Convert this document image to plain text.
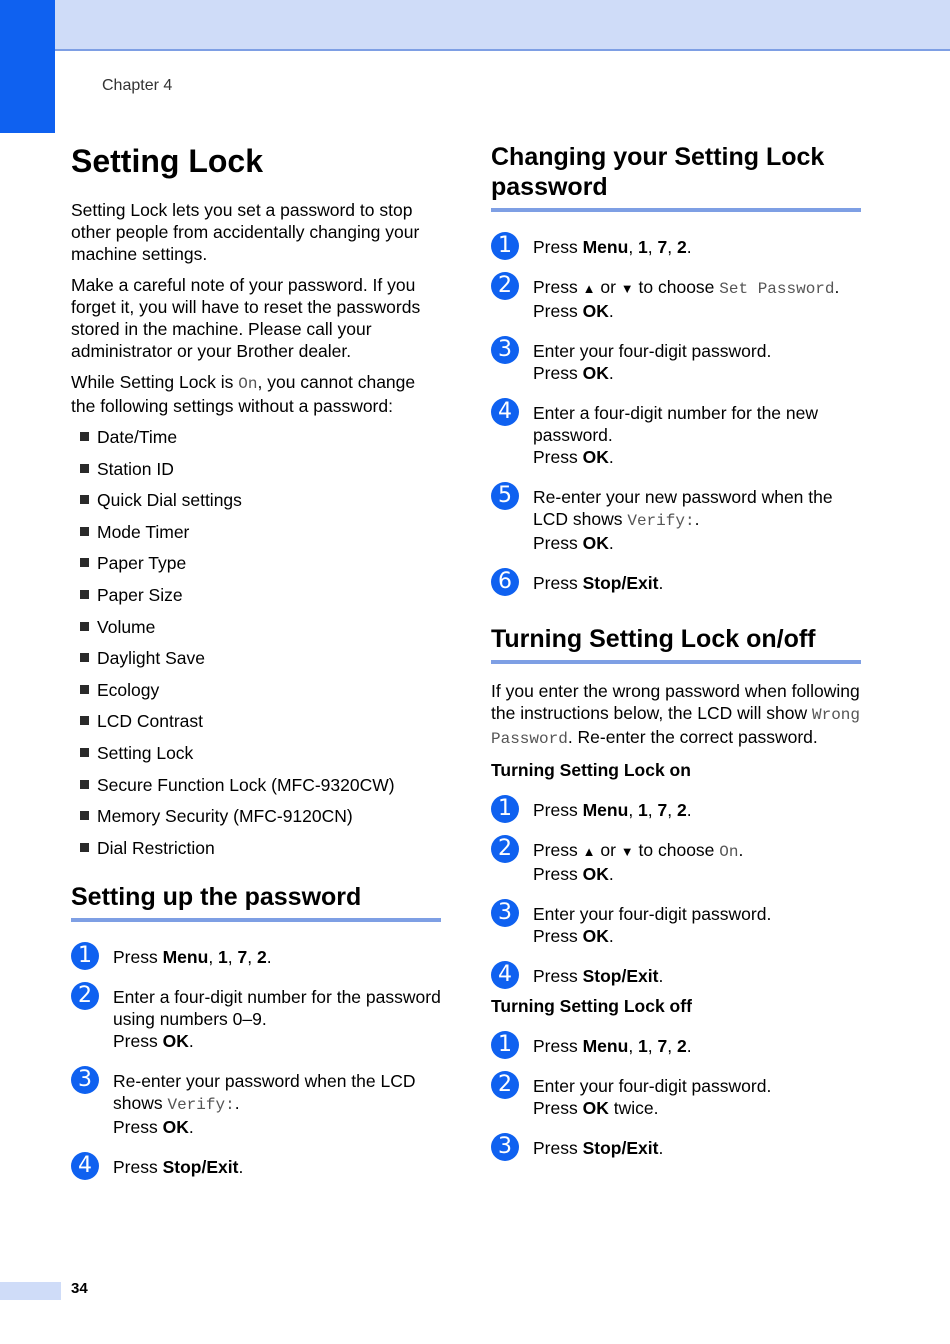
Chapter 4
Setting Lock

Setting Lock lets you set a password to stop other people from accidentally changing your machine settings.

Make a careful note of your password. If you forget it, you will have to reset the passwords stored in the machine. Please call your administrator or your Brother dealer.

While Setting Lock is On, you cannot change the following settings without a password:

Date/Time
Station ID
Quick Dial settings
Mode Timer
Paper Type
Paper Size
Volume
Daylight Save
Ecology
LCD Contrast
Setting Lock
Secure Function Lock (MFC-9320CW)
Memory Security (MFC-9120CN)
Dial Restriction
Setting up the password
1	Press Menu, 1, 7, 2.
2	Enter a four-digit number for the password using numbers 0–9.
Press OK.
3	Re-enter your password when the LCD shows Verify:.
Press OK.
4	Press Stop/Exit.
Changing your Setting Lock password
1	Press Menu, 1, 7, 2.
2	Press ▲ or ▼ to choose Set Password.
Press OK.
3	Enter your four-digit password.
Press OK.
4	Enter a four-digit number for the new password.
Press OK.
5	Re-enter your new password when the LCD shows Verify:.
Press OK.
6	Press Stop/Exit.
Turning Setting Lock on/off

If you enter the wrong password when following the instructions below, the LCD will show Wrong Password. Re-enter the correct password.

Turning Setting Lock on
1	Press Menu, 1, 7, 2.
2	Press ▲ or ▼ to choose On.
Press OK.
3	Enter your four-digit password.
Press OK.
4	Press Stop/Exit.
Turning Setting Lock off
1	Press Menu, 1, 7, 2.
2	Enter your four-digit password.
Press OK twice.
3	Press Stop/Exit.
34
